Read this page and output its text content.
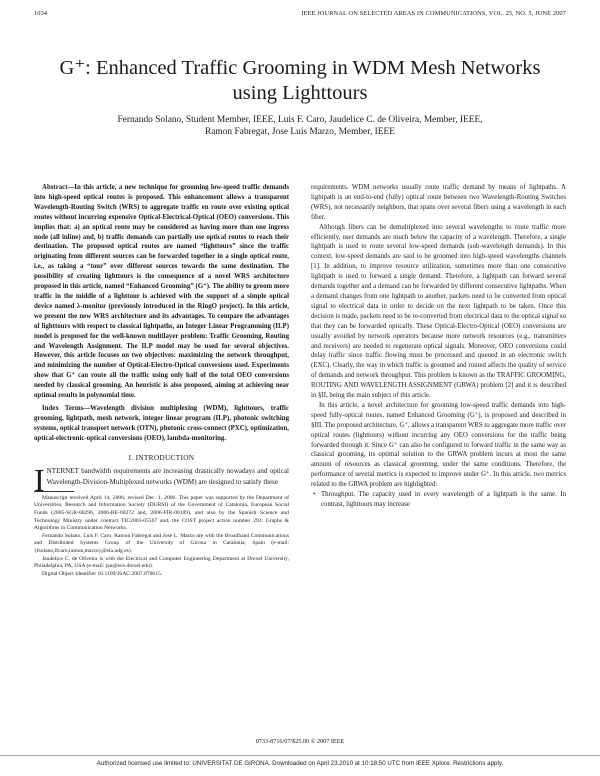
1034	IEEE JOURNAL ON SELECTED AREAS IN COMMUNICATIONS, VOL. 25, NO. 5, JUNE 2007
G⁺: Enhanced Traffic Grooming in WDM Mesh Networks using Lighttours
Fernando Solano, Student Member, IEEE, Luis F. Caro, Jaudelice C. de Oliveira, Member, IEEE,
Ramon Fabregat, Jose Luis Marzo, Member, IEEE

Abstract—In this article, a new technique for grooming low-speed traffic demands into high-speed optical routes is proposed. This enhancement allows a transparent Wavelength-Routing Switch (WRS) to aggregate traffic en route over existing optical routes without incurring expensive Optical-Electrical-Optical (OEO) conversions. This implies that: a) an optical route may be considered as having more than one ingress node (all inline) and, b) traffic demands can partially use optical routes to reach their destination. The proposed optical routes are named “lighttours” since the traffic originating from different sources can be forwarded together in a single optical route, i.e., as taking a “tour” over different sources towards the same destination. The possibility of creating lighttours is the consequence of a novel WRS architecture proposed in this article, named “Enhanced Grooming” (G⁺). The ability to groom more traffic in the middle of a lighttour is achieved with the support of a simple optical device named λ-monitor (previously introduced in the RingO project). In this article, we present the new WRS architecture and its advantages. To compare the advantages of lighttours with respect to classical lightpaths, an Integer Linear Programming (ILP) model is proposed for the well-known multilayer problem: Traffic Grooming, Routing and Wavelength Assignment. The ILP model may be used for several objectives. However, this article focuses on two objectives: maximizing the network throughput, and minimizing the number of Optical-Electro-Optical conversions used. Experiments show that G⁺ can route all the traffic using only half of the total OEO conversions needed by classical grooming. An heuristic is also proposed, aiming at achieving near optimal results in polynomial time.

Index Terms—Wavelength division multiplexing (WDM), lighttours, traffic grooming, lightpath, mesh network, integer linear program (ILP), photonic switching systems, optical transport network (OTN), photonic cross-connect (PXC), optimization, optical-electronic-optical conversions (OEO), lambda-monitoring.

I. INTRODUCTION

INTERNET bandwidth requirements are increasing drastically nowadays and optical Wavelength-Division-Multiplexed networks (WDM) are designed to satisfy these

Manuscript received April 14, 2006; revised Dec. 1, 2006. This paper was supported by the Department of Universities, Research and Information Society (DURSI) of the Government of Catalonia, European Social Funds (2005-SGR-00296, 2006-BE-00272 and, 2006-FIR-00109), and also by the Spanish Science and Technology Ministry under contract TIC2003-05567 and, the COST project action number 293: Graphs & Algorithms in Communication Networks.

Fernando Solano, Luis F. Caro, Ramon Fabregat and Jose L. Marzo are with the Broadband Communications and Distributed Systems Group of the University of Girona in Catalonia, Spain (e-mail: {fsolano,lfcaro,ramon,marzo}@eia.udg.es).

Jaudelice C. de Oliveira is with the Electrical and Computer Engineering Department at Drexel University, Philadelphia, PA, USA (e-mail: jau@ece.drexel.edu).

Digital Object Identifier 10.1109/JSAC.2007.070615.

requirements. WDM networks usually route traffic demand by means of lightpaths. A lightpath is an end-to-end (fully) optical route between two Wavelength-Routing Switches (WRS), not necessarily neighbors, that spans over several fibers using a wavelength in each fiber.

Although fibers can be demultiplexed into several wavelengths to route traffic more efficiently, user demands are much below the capacity of a wavelength. Therefore, a single lightpath is used to route several low-speed demands (sub-wavelength demands). In this context, low-speed demands are said to be groomed into high-speed wavelengths channels [1]. In addition, to improve resource utilization, sometimes more than one consecutive lightpath is used to forward a single demand. Therefore, a lightpath can forward several demands together and a demand can be forwarded by different consecutive lightpaths. When a demand changes from one lightpath to another, packets need to be converted from optical signal to electrical data in order to decide on the next lightpath to be taken. Once this decision is made, packets need to be re-converted from electrical data to the optical signal so that they can be forwarded optically. These Optical-Electro-Optical (OEO) conversions are usually avoided by network operators because more network resources (e.g., transmitters and receivers) are needed to regenerate optical signals. Moreover, OEO conversions could delay traffic since traffic flowing must be processed and queued in an electronic switch (EXC). Clearly, the way in which traffic is groomed and routed affects the quality of service of demands and network throughput. This problem is known as the TRAFFIC GROOMING, ROUTING AND WAVELENGTH ASSIGNMENT (GRWA) problem [2] and it is described in §II, being the main subject of this article.

In this article, a novel architecture for grooming low-speed traffic demands into high-speed fully-optical routes, named Enhanced Grooming (G⁺), is proposed and described in §III. The proposed architecture, G⁺, allows a transparent WRS to aggregate more traffic over optical routes (lighttours) without incurring any OEO conversions for the traffic being forwarded through it. Since G⁺ can also be configured to forward traffic in the same way as classical grooming, its optimal solution to the GRWA problem incurs at most the same amount of resources as classical grooming, under the same conditions. Therefore, the performance of several metrics is expected to improve under G⁺. In this article, two metrics related to the GRWA problem are highlighted:

• Throughput. The capacity used in every wavelength of a lightpath is the same. In contrast, lighttours may increase

0733-8716/07/$25.00 © 2007 IEEE
Authorized licensed use limited to: UNIVERSITAT DE GIRONA. Downloaded on April 23,2010 at 10:18:50 UTC from IEEE Xplore. Restrictions apply.
